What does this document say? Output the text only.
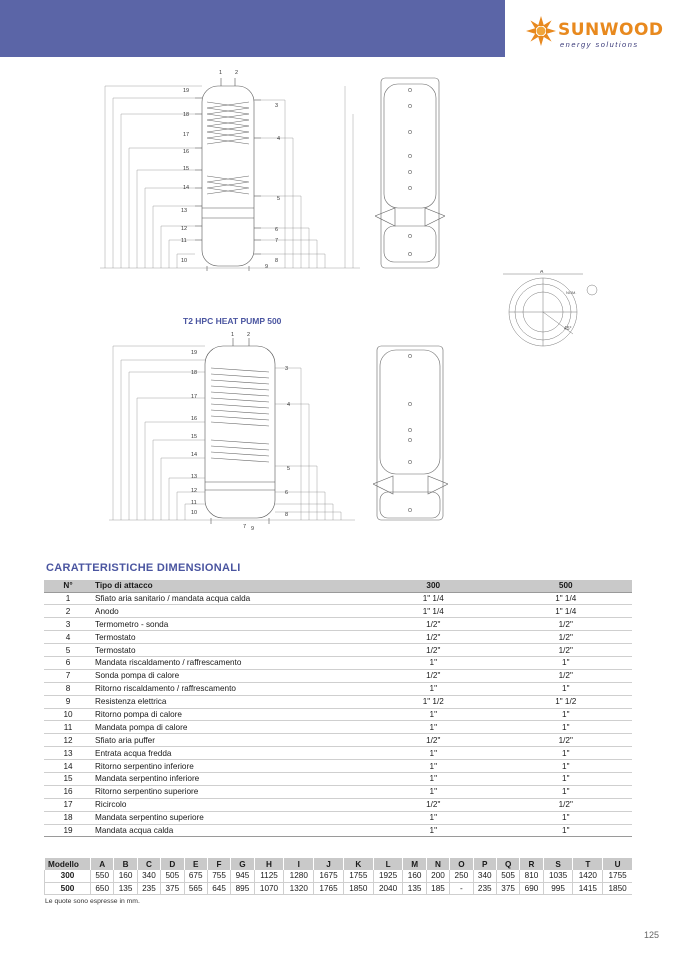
SUNWOOD
energy solutions
1 2
19
18
17
16
15
14
13
12
11
10
3
4
5
6
7
8
9
A
NOM.
45°
T2 HPC HEAT PUMP 500
1 2
19
18
17
16
15
14
13
12
11
10
3
4
5
6
7
8
9
CARATTERISTICHE DIMENSIONALI
N°	Tipo di attacco	300	500
1	Sfiato aria sanitario / mandata acqua calda	1" 1/4	1" 1/4
2	Anodo	1" 1/4	1" 1/4
3	Termometro - sonda	1/2"	1/2"
4	Termostato	1/2"	1/2"
5	Termostato	1/2"	1/2"
6	Mandata riscaldamento / raffrescamento	1"	1"
7	Sonda pompa di calore	1/2"	1/2"
8	Ritorno riscaldamento / raffrescamento	1"	1"
9	Resistenza elettrica	1" 1/2	1" 1/2
10	Ritorno pompa di calore	1"	1"
11	Mandata pompa di calore	1"	1"
12	Sfiato aria puffer	1/2"	1/2"
13	Entrata acqua fredda	1"	1"
14	Ritorno serpentino inferiore	1"	1"
15	Mandata serpentino inferiore	1"	1"
16	Ritorno serpentino superiore	1"	1"
17	Ricircolo	1/2"	1/2"
18	Mandata serpentino superiore	1"	1"
19	Mandata acqua calda	1"	1"
Modello	A	B	C	D	E	F	G	H	I	J	K	L	M	N	O	P	Q	R	S	T	U
300	550	160	340	505	675	755	945	1125	1280	1675	1755	1925	160	200	250	340	505	810	1035	1420	1755
500	650	135	235	375	565	645	895	1070	1320	1765	1850	2040	135	185	-	235	375	690	995	1415	1850
Le quote sono espresse in mm.
125
